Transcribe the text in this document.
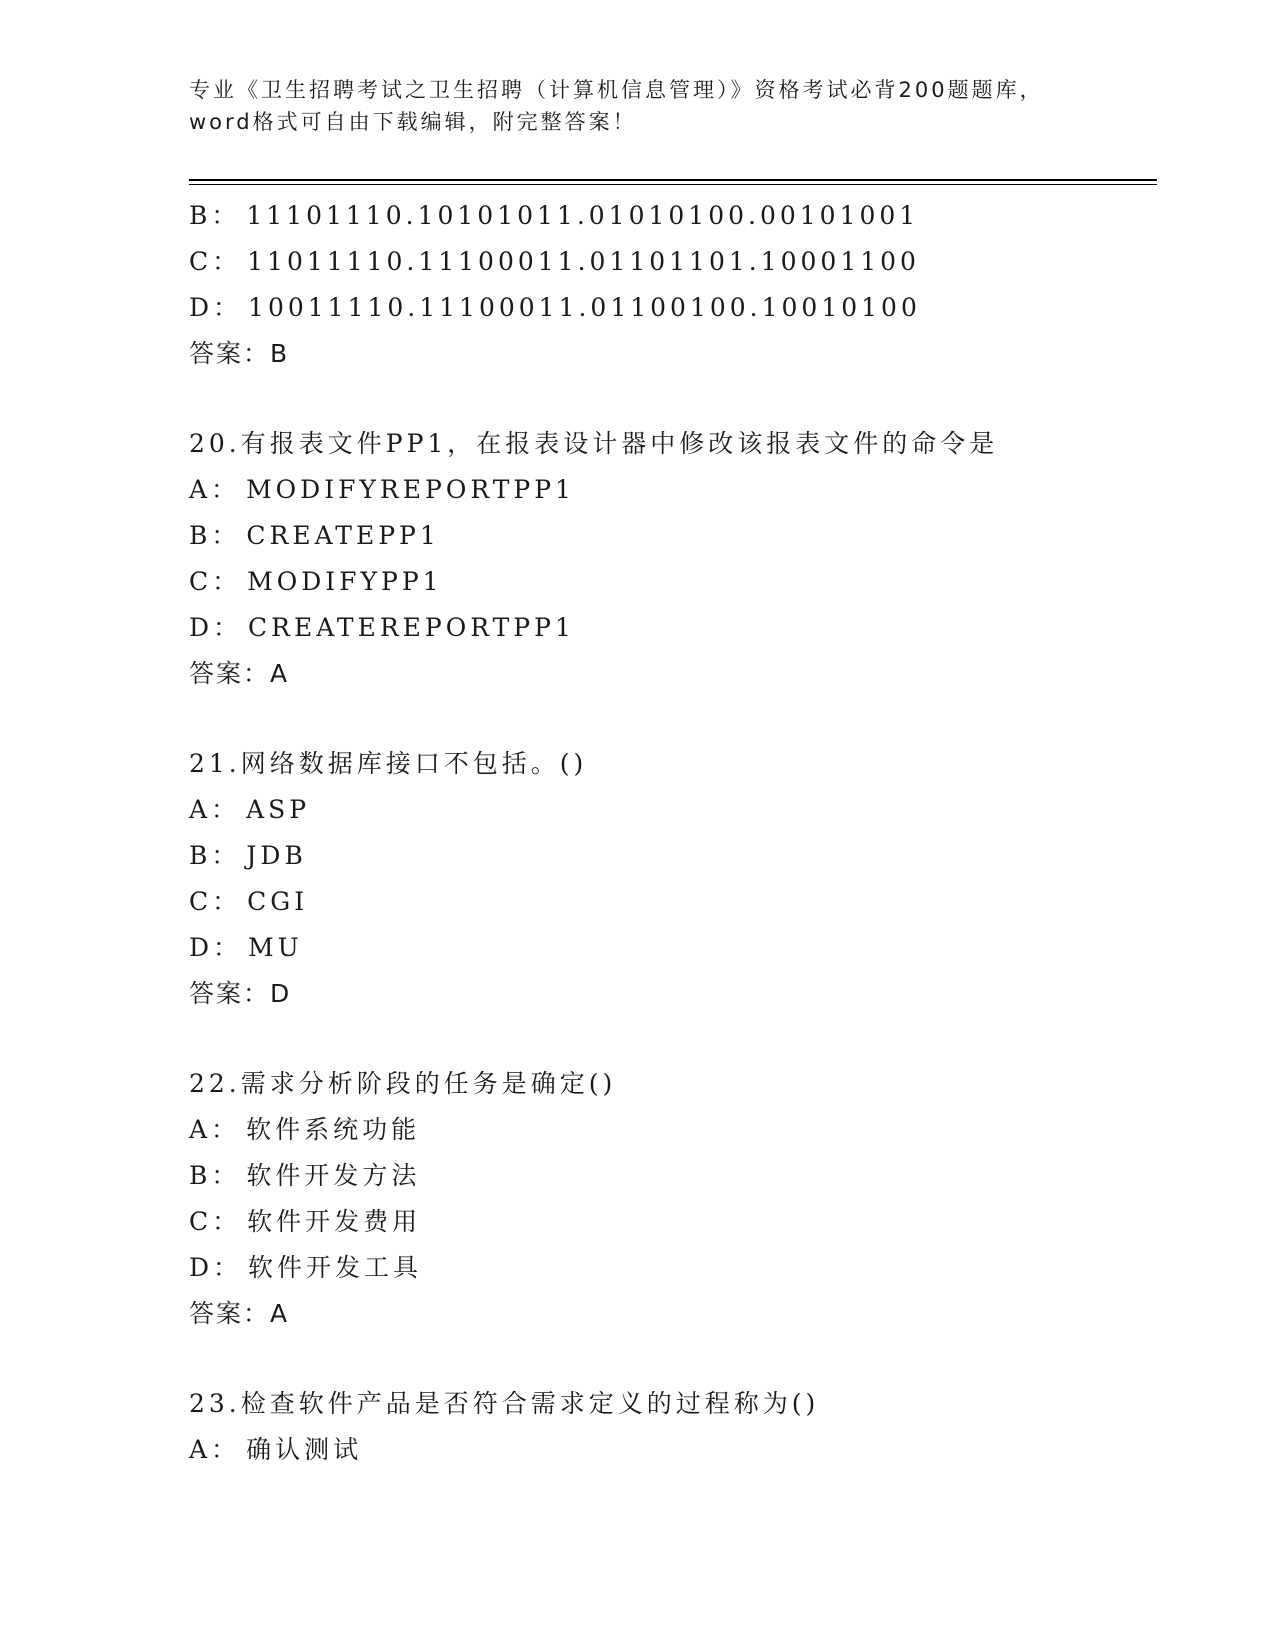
专业《卫生招聘考试之卫生招聘（计算机信息管理）》资格考试必背200题题库，
word格式可自由下载编辑，附完整答案！
B： 11101110.10101011.01010100.00101001
C： 11011110.11100011.01101101.10001100
D： 10011110.11100011.01100100.10010100
答案：B
20.有报表文件PP1，在报表设计器中修改该报表文件的命令是
A： MODIFYREPORTPP1
B： CREATEPP1
C： MODIFYPP1
D： CREATEREPORTPP1
答案：A
21.网络数据库接口不包括。()
A： ASP
B： JDB
C： CGI
D： MU
答案：D
22.需求分析阶段的任务是确定()
A： 软件系统功能
B： 软件开发方法
C： 软件开发费用
D： 软件开发工具
答案：A
23.检查软件产品是否符合需求定义的过程称为()
A： 确认测试
